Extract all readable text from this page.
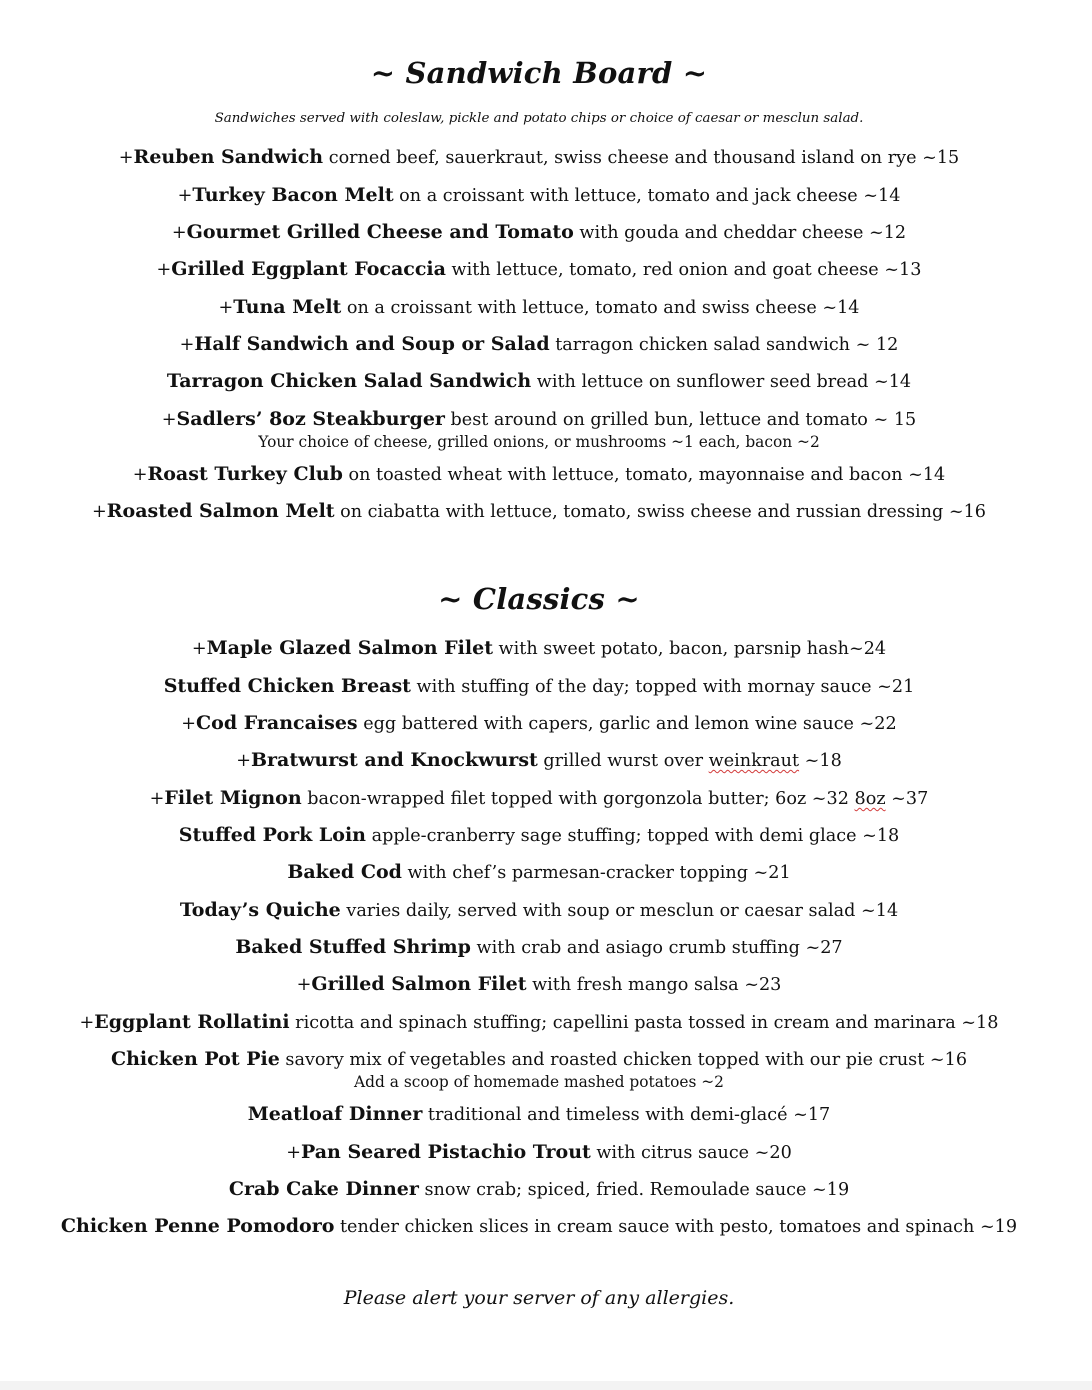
~ Sandwich Board ~
Sandwiches served with coleslaw, pickle and potato chips or choice of caesar or mesclun salad.
+Reuben Sandwich corned beef, sauerkraut, swiss cheese and thousand island on rye ~15
+Turkey Bacon Melt on a croissant with lettuce, tomato and jack cheese ~14
+Gourmet Grilled Cheese and Tomato with gouda and cheddar cheese ~12
+Grilled Eggplant Focaccia with lettuce, tomato, red onion and goat cheese ~13
+Tuna Melt on a croissant with lettuce, tomato and swiss cheese ~14
+Half Sandwich and Soup or Salad tarragon chicken salad sandwich ~ 12
Tarragon Chicken Salad Sandwich with lettuce on sunflower seed bread ~14
+Sadlers’ 8oz Steakburger best around on grilled bun, lettuce and tomato ~ 15
Your choice of cheese, grilled onions, or mushrooms ~1 each, bacon ~2
+Roast Turkey Club on toasted wheat with lettuce, tomato, mayonnaise and bacon ~14
+Roasted Salmon Melt on ciabatta with lettuce, tomato, swiss cheese and russian dressing ~16
~ Classics ~
+Maple Glazed Salmon Filet with sweet potato, bacon, parsnip hash~24
Stuffed Chicken Breast with stuffing of the day; topped with mornay sauce ~21
+Cod Francaises egg battered with capers, garlic and lemon wine sauce ~22
+Bratwurst and Knockwurst grilled wurst over weinkraut ~18
+Filet Mignon bacon-wrapped filet topped with gorgonzola butter; 6oz ~32 8oz ~37
Stuffed Pork Loin apple-cranberry sage stuffing; topped with demi glace ~18
Baked Cod with chef’s parmesan-cracker topping ~21
Today’s Quiche varies daily, served with soup or mesclun or caesar salad ~14
Baked Stuffed Shrimp with crab and asiago crumb stuffing ~27
+Grilled Salmon Filet with fresh mango salsa ~23
+Eggplant Rollatini ricotta and spinach stuffing; capellini pasta tossed in cream and marinara ~18
Chicken Pot Pie savory mix of vegetables and roasted chicken topped with our pie crust ~16
Add a scoop of homemade mashed potatoes ~2
Meatloaf Dinner traditional and timeless with demi-glacé ~17
+Pan Seared Pistachio Trout with citrus sauce ~20
Crab Cake Dinner snow crab; spiced, fried. Remoulade sauce ~19
Chicken Penne Pomodoro tender chicken slices in cream sauce with pesto, tomatoes and spinach ~19
Please alert your server of any allergies.
